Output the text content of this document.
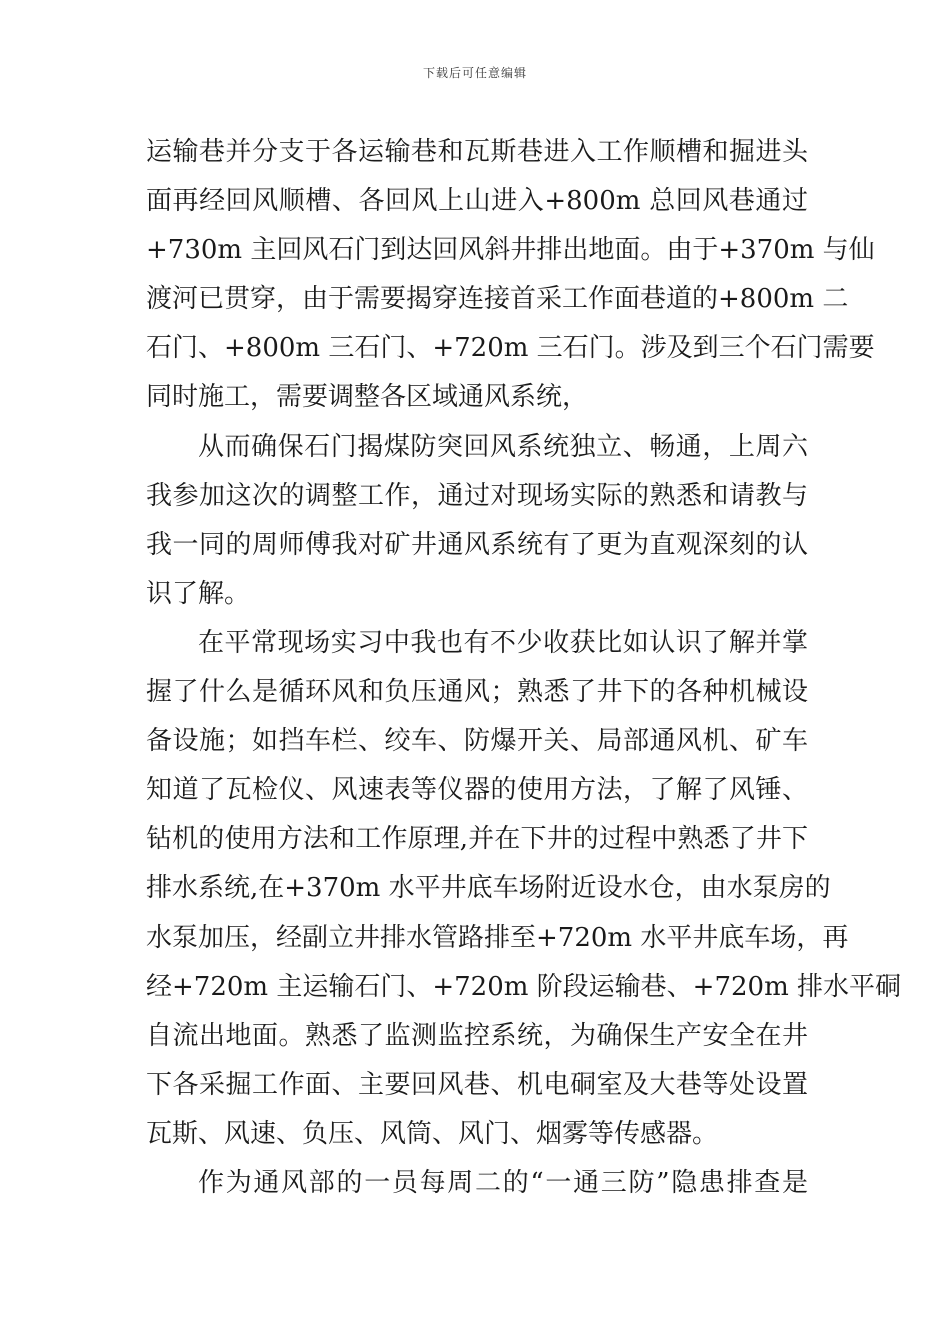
下载后可任意编辑
运输巷并分支于各运输巷和瓦斯巷进入工作顺槽和掘进头
面再经回风顺槽、各回风上山进入+800m 总回风巷通过
+730m 主回风石门到达回风斜井排出地面。由于+370m 与仙
渡河已贯穿，由于需要揭穿连接首采工作面巷道的+800m 二
石门、+800m 三石门、+720m 三石门。涉及到三个石门需要
同时施工，需要调整各区域通风系统，
从而确保石门揭煤防突回风系统独立、畅通，上周六
我参加这次的调整工作，通过对现场实际的熟悉和请教与
我一同的周师傅我对矿井通风系统有了更为直观深刻的认
识了解。
在平常现场实习中我也有不少收获比如认识了解并掌
握了什么是循环风和负压通风；熟悉了井下的各种机械设
备设施；如挡车栏、绞车、防爆开关、局部通风机、矿车
知道了瓦检仪、风速表等仪器的使用方法，了解了风锤、
钻机的使用方法和工作原理,并在下井的过程中熟悉了井下
排水系统,在+370m 水平井底车场附近设水仓，由水泵房的
水泵加压，经副立井排水管路排至+720m 水平井底车场，再
经+720m 主运输石门、+720m 阶段运输巷、+720m 排水平硐
自流出地面。熟悉了监测监控系统，为确保生产安全在井
下各采掘工作面、主要回风巷、机电硐室及大巷等处设置
瓦斯、风速、负压、风筒、风门、烟雾等传感器。
作为通风部的一员每周二的“一通三防”隐患排查是
